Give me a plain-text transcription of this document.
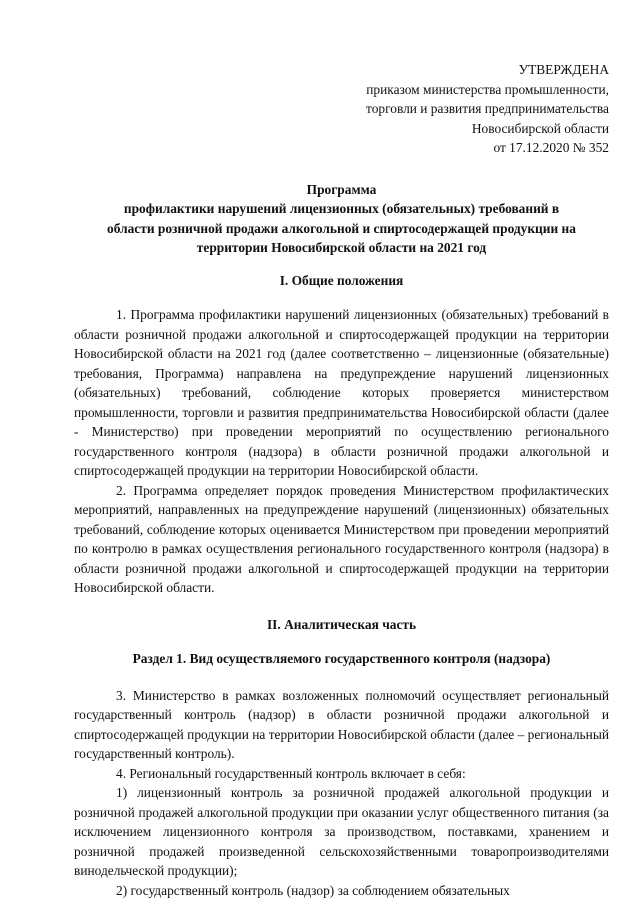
УТВЕРЖДЕНА
приказом министерства промышленности,
торговли и развития предпринимательства
Новосибирской области
от 17.12.2020 № 352
Программа
профилактики нарушений лицензионных (обязательных) требований в
области розничной продажи алкогольной и спиртосодержащей продукции на
территории Новосибирской области на 2021 год
I. Общие положения

1. Программа профилактики нарушений лицензионных (обязательных) требований в области розничной продажи алкогольной и спиртосодержащей продукции на территории Новосибирской области на 2021 год (далее соответственно – лицензионные (обязательные) требования, Программа) направлена на предупреждение нарушений лицензионных (обязательных) требований, соблюдение которых проверяется министерством промышленности, торговли и развития предпринимательства Новосибирской области (далее - Министерство) при проведении мероприятий по осуществлению регионального государственного контроля (надзора) в области розничной продажи алкогольной и спиртосодержащей продукции на территории Новосибирской области.

2. Программа определяет порядок проведения Министерством профилактических мероприятий, направленных на предупреждение нарушений (лицензионных) обязательных требований, соблюдение которых оценивается Министерством при проведении мероприятий по контролю в рамках осуществления регионального государственного контроля (надзора) в области розничной продажи алкогольной и спиртосодержащей продукции на территории Новосибирской области.

II. Аналитическая часть
Раздел 1. Вид осуществляемого государственного контроля (надзора)

3. Министерство в рамках возложенных полномочий осуществляет региональный государственный контроль (надзор) в области розничной продажи алкогольной и спиртосодержащей продукции на территории Новосибирской области (далее – региональный государственный контроль).

4. Региональный государственный контроль включает в себя:

1) лицензионный контроль за розничной продажей алкогольной продукции и розничной продажей алкогольной продукции при оказании услуг общественного питания (за исключением лицензионного контроля за производством, поставками, хранением и розничной продажей произведенной сельскохозяйственными товаропроизводителями винодельческой продукции);

2) государственный контроль (надзор) за соблюдением обязательных
